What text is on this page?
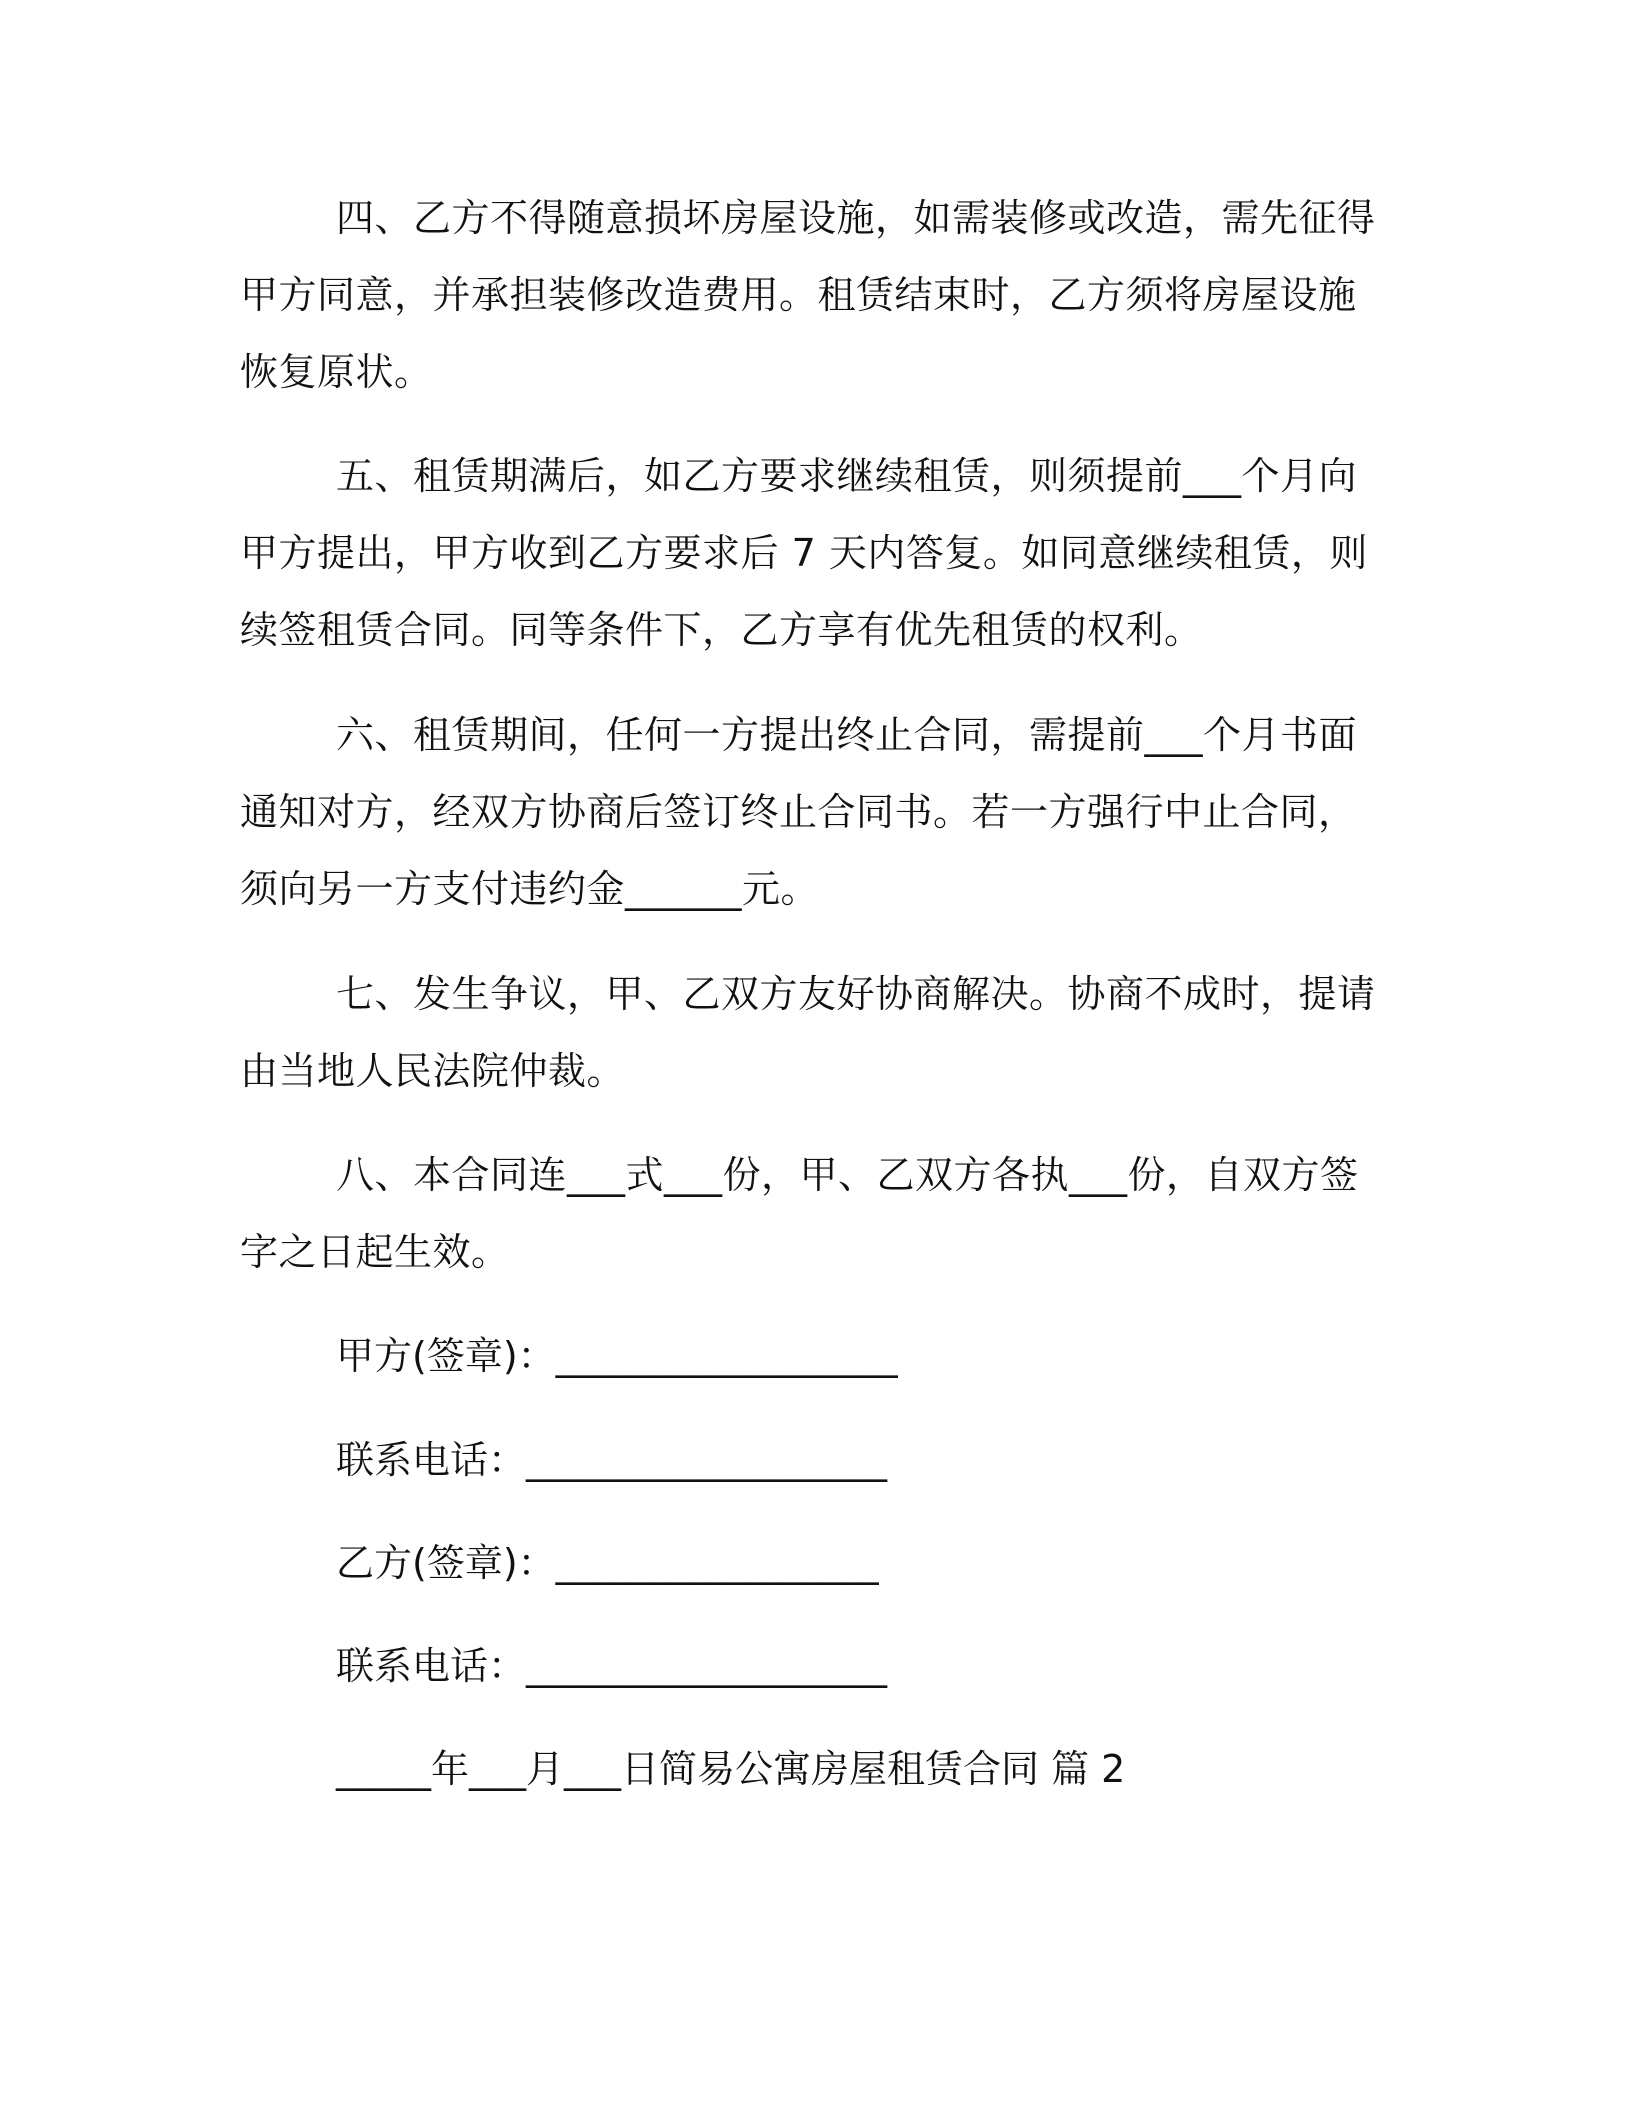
四、乙方不得随意损坏房屋设施，如需装修或改造，需先征得甲方同意，并承担装修改造费用。租赁结束时，乙方须将房屋设施恢复原状。

五、租赁期满后，如乙方要求继续租赁，则须提前___个月向甲方提出，甲方收到乙方要求后 7 天内答复。如同意继续租赁，则续签租赁合同。同等条件下，乙方享有优先租赁的权利。

六、租赁期间，任何一方提出终止合同，需提前___个月书面通知对方，经双方协商后签订终止合同书。若一方强行中止合同，须向另一方支付违约金______元。

七、发生争议，甲、乙双方友好协商解决。协商不成时，提请由当地人民法院仲裁。

八、本合同连___式___份，甲、乙双方各执___份，自双方签字之日起生效。

甲方(签章)：__________________

联系电话：___________________

乙方(签章)：_________________

联系电话：___________________

_____年___月___日简易公寓房屋租赁合同 篇 2
